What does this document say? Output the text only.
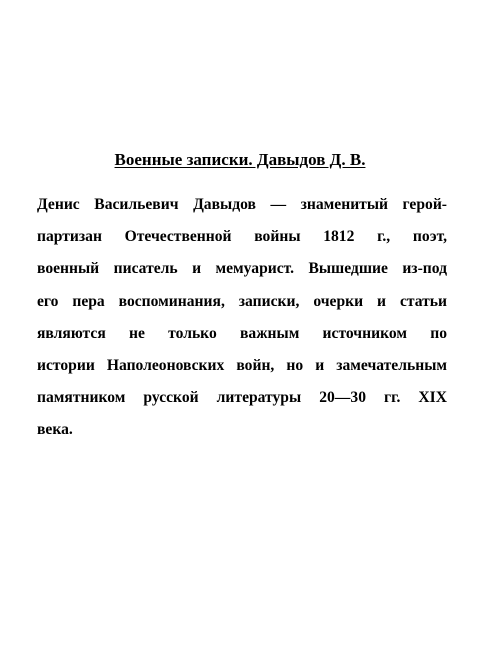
Военные записки. Давыдов Д. В.

Денис Васильевич Давыдов — знаменитый герой-
партизан Отечественной войны 1812 г., поэт,
военный писатель и мемуарист. Вышедшие из-под
его пера воспоминания, записки, очерки и статьи
являются не только важным источником по
истории Наполеоновских войн, но и замечательным
памятником русской литературы 20—30 гг. XIX
века.
